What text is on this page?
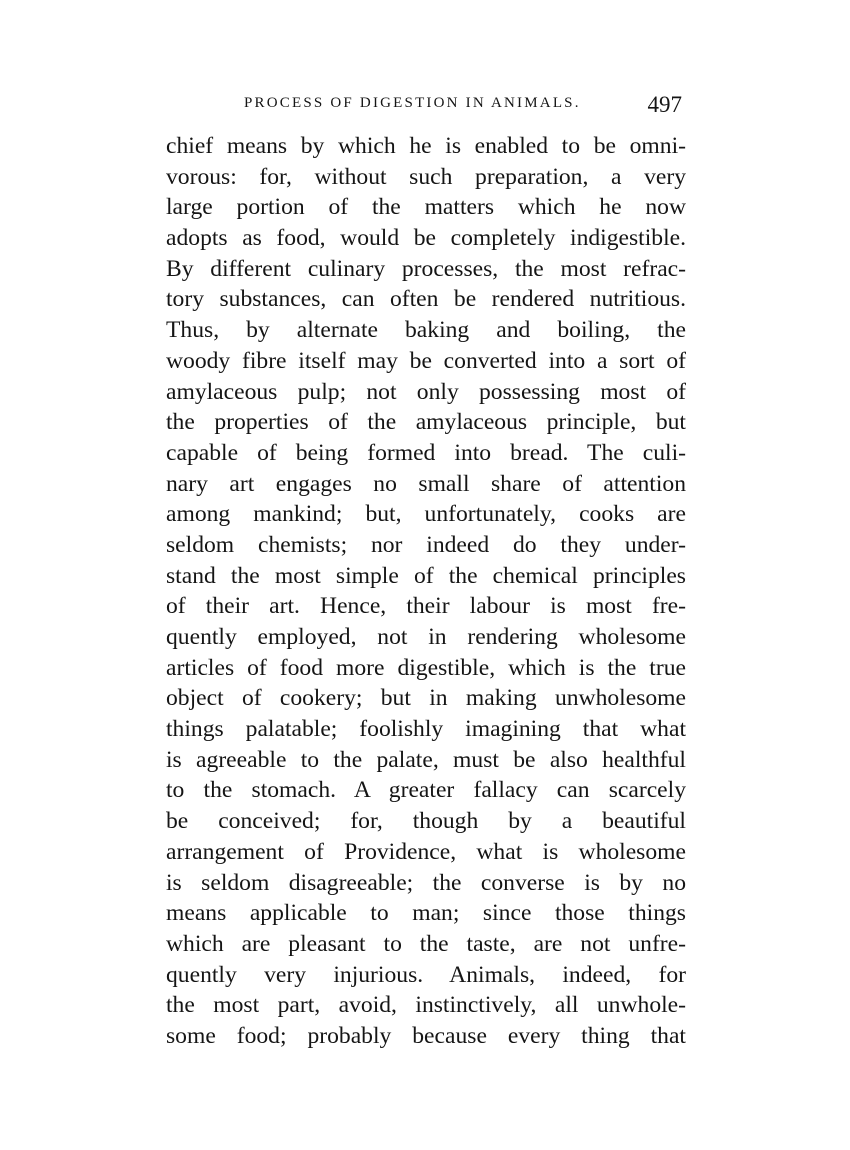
PROCESS OF DIGESTION IN ANIMALS.	497
chief means by which he is enabled to be omni-
vorous: for, without such preparation, a very
large portion of the matters which he now
adopts as food, would be completely indigestible.
By different culinary processes, the most refrac-
tory substances, can often be rendered nutritious.
Thus, by alternate baking and boiling, the
woody fibre itself may be converted into a sort of
amylaceous pulp; not only possessing most of
the properties of the amylaceous principle, but
capable of being formed into bread. The culi-
nary art engages no small share of attention
among mankind; but, unfortunately, cooks are
seldom chemists; nor indeed do they under-
stand the most simple of the chemical principles
of their art. Hence, their labour is most fre-
quently employed, not in rendering wholesome
articles of food more digestible, which is the true
object of cookery; but in making unwholesome
things palatable; foolishly imagining that what
is agreeable to the palate, must be also healthful
to the stomach. A greater fallacy can scarcely
be conceived; for, though by a beautiful
arrangement of Providence, what is wholesome
is seldom disagreeable; the converse is by no
means applicable to man; since those things
which are pleasant to the taste, are not unfre-
quently very injurious. Animals, indeed, for
the most part, avoid, instinctively, all unwhole-
some food; probably because every thing that
